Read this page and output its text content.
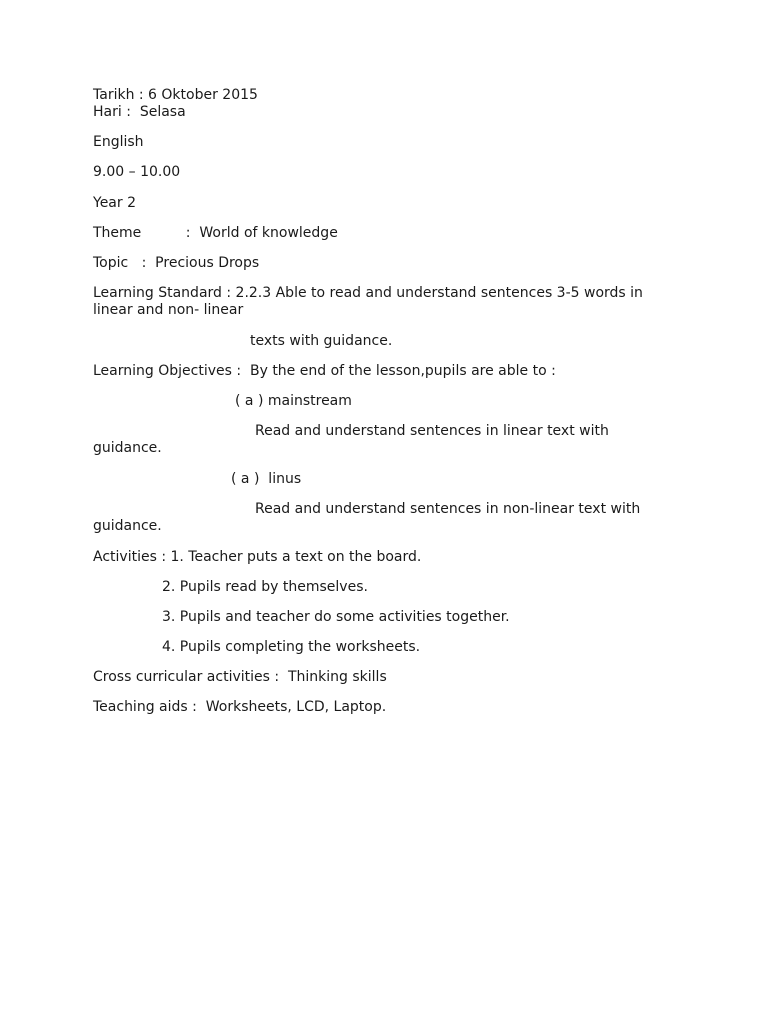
Tarikh : 6 Oktober 2015
Hari :  Selasa
English
9.00 – 10.00
Year 2
Theme          :  World of knowledge
Topic   :  Precious Drops
Learning Standard : 2.2.3 Able to read and understand sentences 3-5 words in linear and non- linear
texts with guidance.
Learning Objectives :  By the end of the lesson,pupils are able to :
( a ) mainstream
Read and understand sentences in linear text with guidance.
( a )  linus
Read and understand sentences in non-linear text with guidance.
Activities : 1. Teacher puts a text on the board.
2. Pupils read by themselves.
3. Pupils and teacher do some activities together.
4. Pupils completing the worksheets.
Cross curricular activities :  Thinking skills
Teaching aids :  Worksheets, LCD, Laptop.
